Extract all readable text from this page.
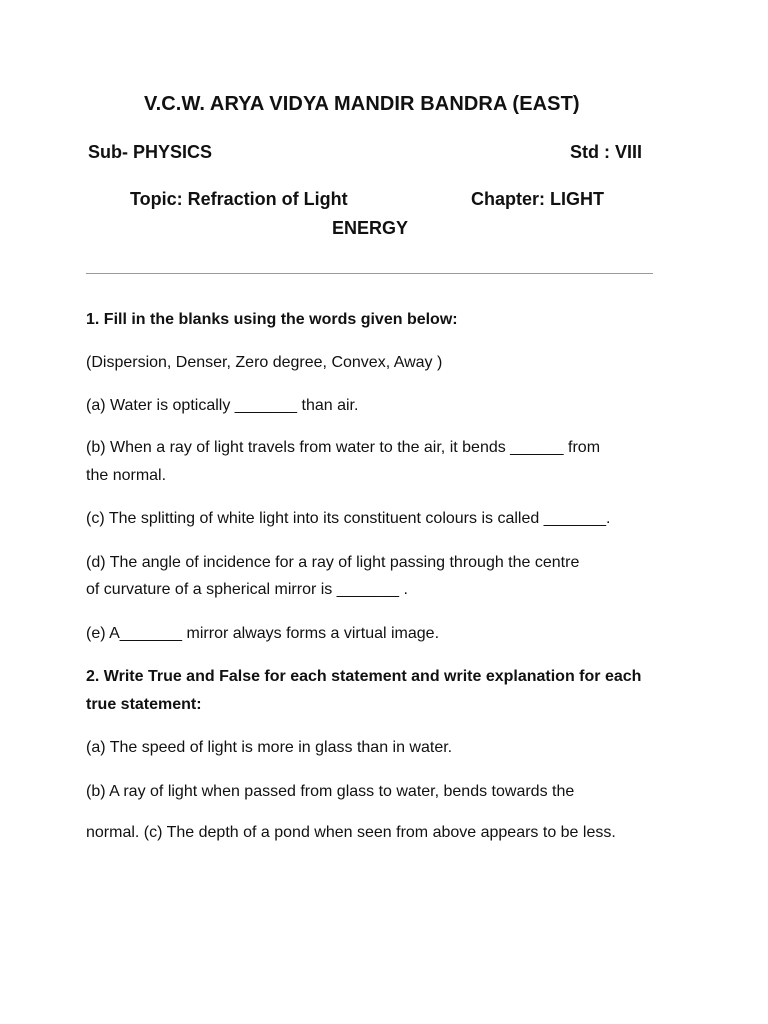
V.C.W. ARYA VIDYA MANDIR BANDRA (EAST)
Sub- PHYSICS	Std : VIII
Topic: Refraction of Light	Chapter: LIGHT
ENERGY
1. Fill in the blanks using the words given below:
(Dispersion, Denser, Zero degree, Convex, Away )
(a) Water is optically _______ than air.
(b) When a ray of light travels from water to the air, it bends ______ from
the normal.
(c) The splitting of white light into its constituent colours is called _______.
(d) The angle of incidence for a ray of light passing through the centre
of curvature of a spherical mirror is _______ .
(e) A_______ mirror always forms a virtual image.
2. Write True and False for each statement and write explanation for each
true statement:
(a) The speed of light is more in glass than in water.
(b) A ray of light when passed from glass to water, bends towards the
normal. (c) The depth of a pond when seen from above appears to be less.
